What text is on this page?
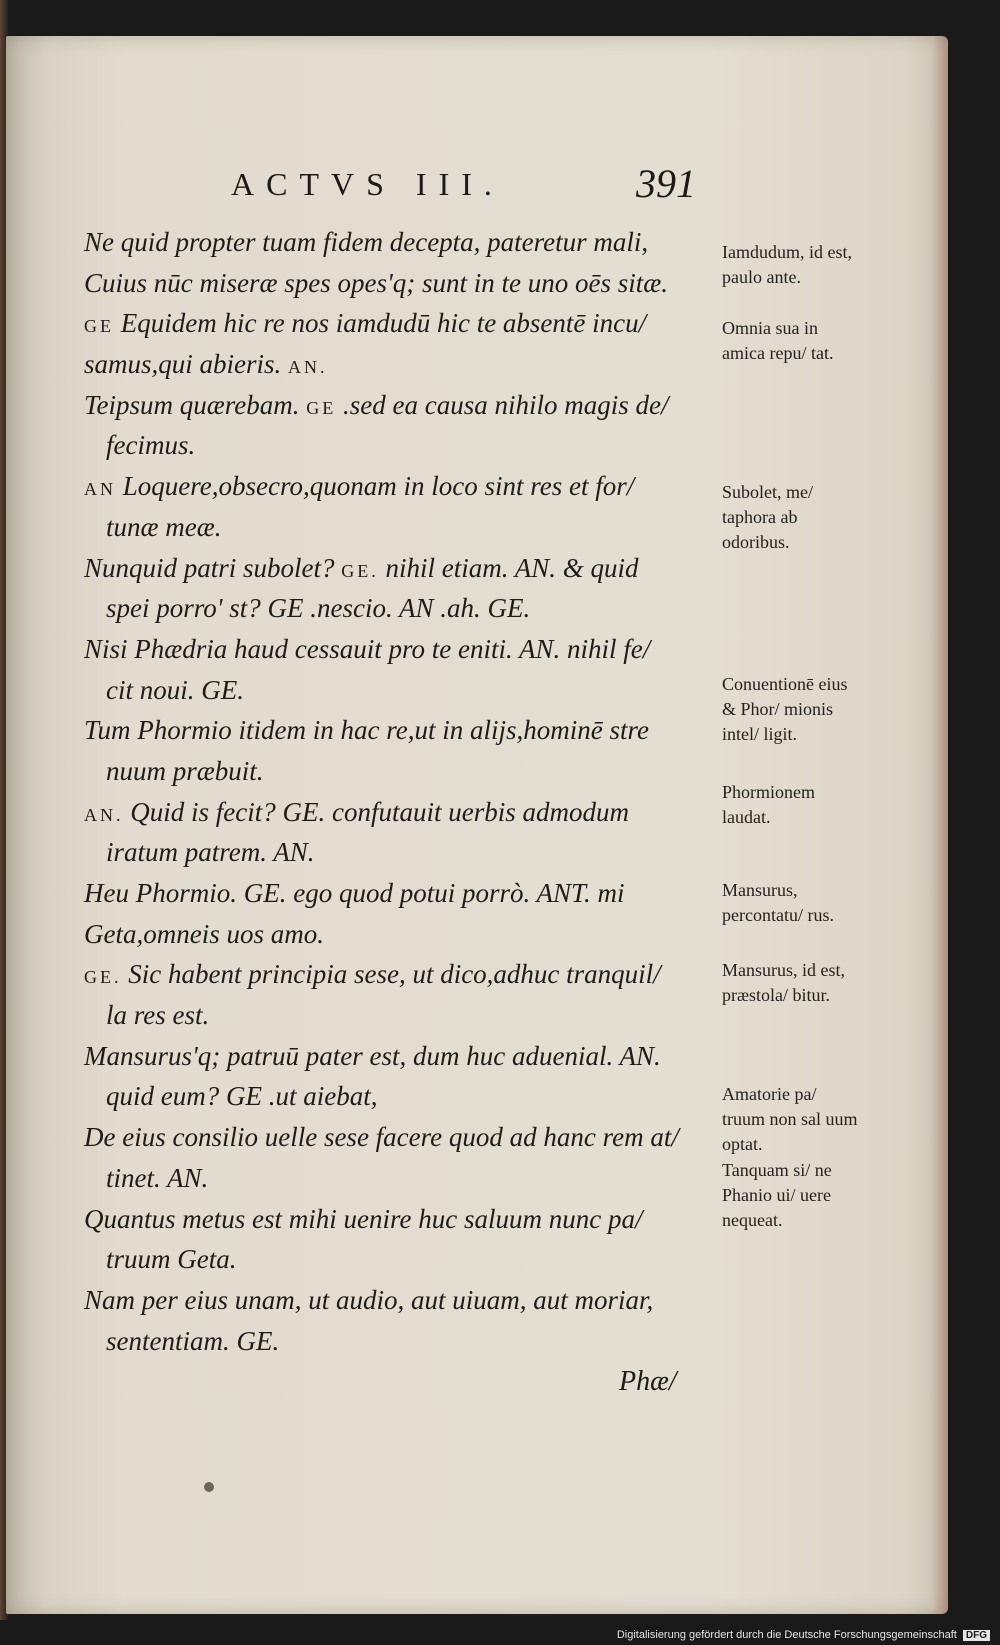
ACTVS III.	391
Ne quid propter tuam fidem decepta, pateretur mali,
Cuius nūc miseræ spes opes'q; sunt in te uno oēs sitæ.
GE Equidem hic re nos iamdudū hic te absentē incu/
samus,qui abieris. AN.
Teipsum quærebam. GE .sed ea causa nihilo magis de/
fecimus.
AN Loquere,obsecro,quonam in loco sint res et for/
tunæ meæ.
Nunquid patri subolet? GE. nihil etiam. AN. & quid
spei porro' st? GE .nescio. AN .ah. GE.
Nisi Phædria haud cessauit pro te eniti. AN. nihil fe/
cit noui. GE.
Tum Phormio itidem in hac re,ut in alijs,hominē stre
nuum præbuit.
AN. Quid is fecit? GE. confutauit uerbis admodum
iratum patrem. AN.
Heu Phormio. GE. ego quod potui porrò. ANT. mi
Geta,omneis uos amo.
GE. Sic habent principia sese, ut dico,adhuc tranquil/
la res est.
Mansurus'q; patruū pater est, dum huc aduenial. AN.
quid eum? GE .ut aiebat,
De eius consilio uelle sese facere quod ad hanc rem at/
tinet. AN.
Quantus metus est mihi uenire huc saluum nunc pa/
truum Geta.
Nam per eius unam, ut audio, aut uiuam, aut moriar,
sententiam. GE.
Iamdudum, id est, paulo ante.
Omnia sua in amica repu/ tat.
Subolet, me/ taphora ab odoribus.
Conuentionē eius & Phor/ mionis intel/ ligit.
Phormionem laudat.
Mansurus, percontatu/ rus.
Mansurus, id est, præstola/ bitur.
Amatorie pa/ truum non sal uum optat.
Tanquam si/ ne Phanio ui/ uere nequeat.
Phæ/
Digitalisierung gefördert durch die Deutsche Forschungsgemeinschaft DFG
